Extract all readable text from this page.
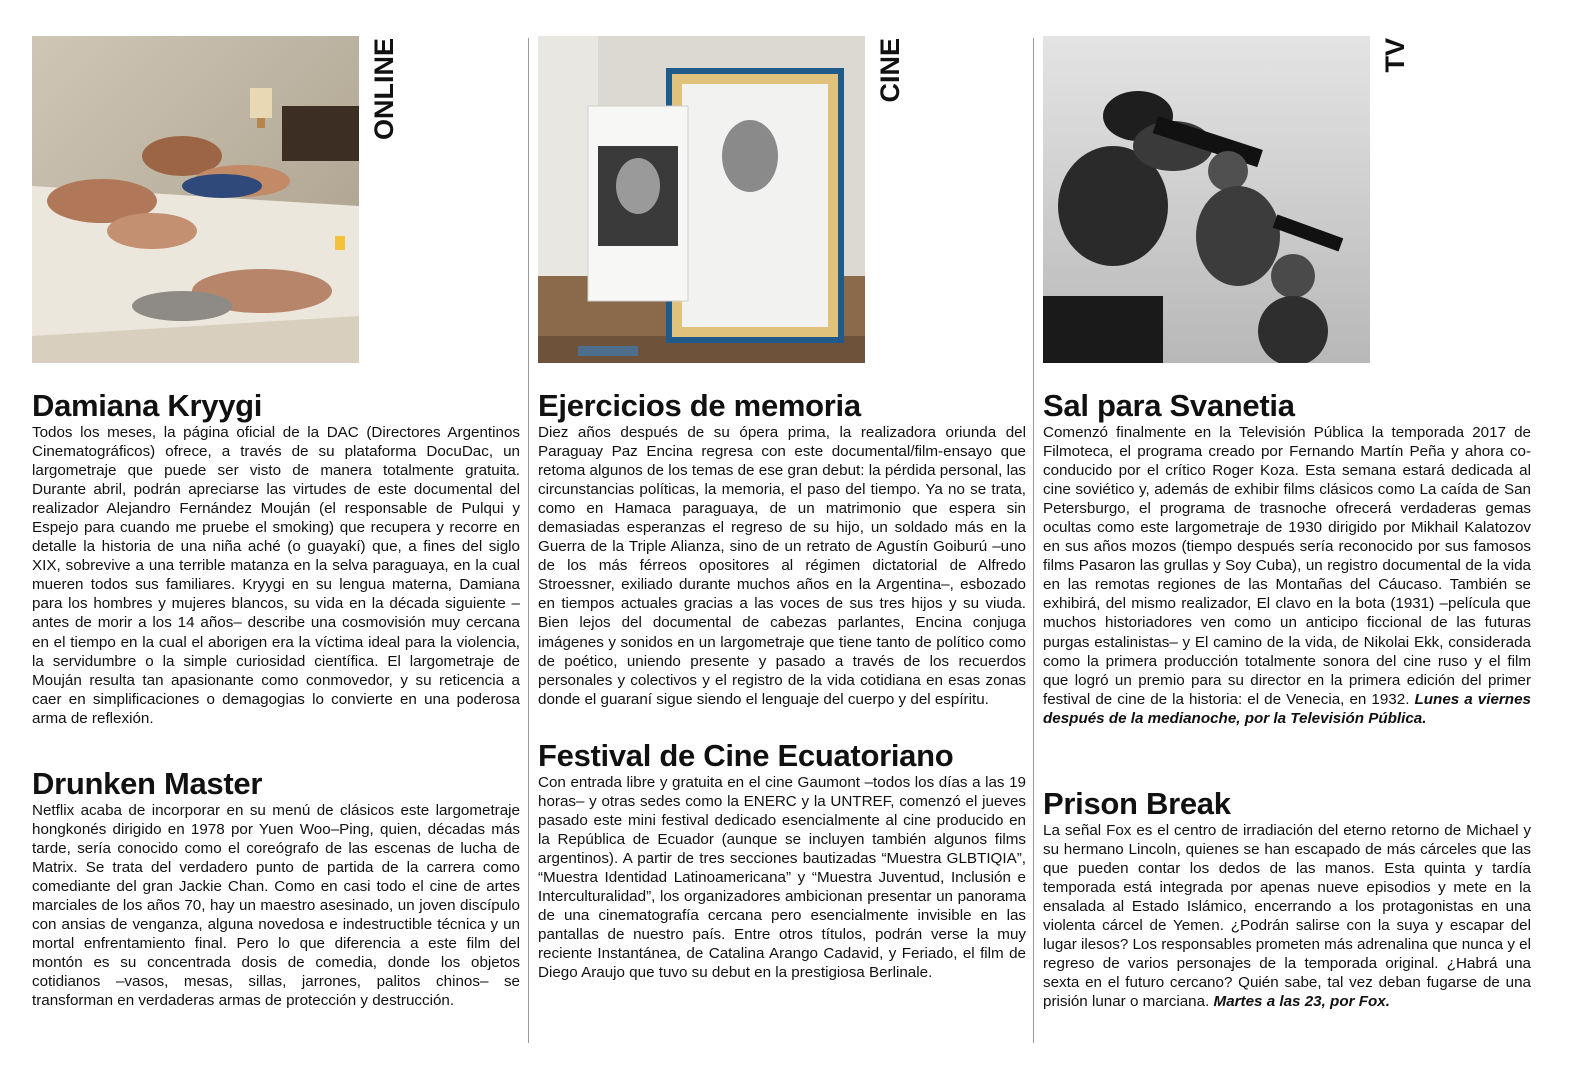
ONLINE
Damiana Kryygi

Todos los meses, la página oficial de la DAC (Directores Argentinos Cinematográficos) ofrece, a través de su plataforma DocuDac, un largometraje que puede ser visto de manera totalmente gratuita. Durante abril, podrán apreciarse las virtudes de este documental del realizador Alejandro Fernández Mouján (el responsable de Pulqui y Espejo para cuando me pruebe el smoking) que recupera y recorre en detalle la historia de una niña aché (o guayakí) que, a fines del siglo XIX, sobrevive a una terrible matanza en la selva paraguaya, en la cual mueren todos sus familiares. Kryygi en su lengua materna, Damiana para los hombres y mujeres blancos, su vida en la década siguiente –antes de morir a los 14 años– describe una cosmovisión muy cercana en el tiempo en la cual el aborigen era la víctima ideal para la violencia, la servidumbre o la simple curiosidad científica. El largometraje de Mouján resulta tan apasionante como conmovedor, y su reticencia a caer en simplificaciones o demagogias lo convierte en una poderosa arma de reflexión.

Drunken Master

Netflix acaba de incorporar en su menú de clásicos este largometraje hongkonés dirigido en 1978 por Yuen Woo–Ping, quien, décadas más tarde, sería conocido como el coreógrafo de las escenas de lucha de Matrix. Se trata del verdadero punto de partida de la carrera como comediante del gran Jackie Chan. Como en casi todo el cine de artes marciales de los años 70, hay un maestro asesinado, un joven discípulo con ansias de venganza, alguna novedosa e indestructible técnica y un mortal enfrentamiento final. Pero lo que diferencia a este film del montón es su concentrada dosis de comedia, donde los objetos cotidianos –vasos, mesas, sillas, jarrones, palitos chinos– se transforman en verdaderas armas de protección y destrucción.

CINE
Ejercicios de memoria

Diez años después de su ópera prima, la realizadora oriunda del Paraguay Paz Encina regresa con este documental/film-ensayo que retoma algunos de los temas de ese gran debut: la pérdida personal, las circunstancias políticas, la memoria, el paso del tiempo. Ya no se trata, como en Hamaca paraguaya, de un matrimonio que espera sin demasiadas esperanzas el regreso de su hijo, un soldado más en la Guerra de la Triple Alianza, sino de un retrato de Agustín Goiburú –uno de los más férreos opositores al régimen dictatorial de Alfredo Stroessner, exiliado durante muchos años en la Argentina–, esbozado en tiempos actuales gracias a las voces de sus tres hijos y su viuda. Bien lejos del documental de cabezas parlantes, Encina conjuga imágenes y sonidos en un largometraje que tiene tanto de político como de poético, uniendo presente y pasado a través de los recuerdos personales y colectivos y el registro de la vida cotidiana en esas zonas donde el guaraní sigue siendo el lenguaje del cuerpo y del espíritu.

Festival de Cine Ecuatoriano

Con entrada libre y gratuita en el cine Gaumont –todos los días a las 19 horas– y otras sedes como la ENERC y la UNTREF, comenzó el jueves pasado este mini festival dedicado esencialmente al cine producido en la República de Ecuador (aunque se incluyen también algunos films argentinos). A partir de tres secciones bautizadas “Muestra GLBTIQIA”, “Muestra Identidad Latinoamericana” y “Muestra Juventud, Inclusión e Interculturalidad”, los organizadores ambicionan presentar un panorama de una cinematografía cercana pero esencialmente invisible en las pantallas de nuestro país. Entre otros títulos, podrán verse la muy reciente Instantánea, de Catalina Arango Cadavid, y Feriado, el film de Diego Araujo que tuvo su debut en la prestigiosa Berlinale.

TV
Sal para Svanetia

Comenzó finalmente en la Televisión Pública la temporada 2017 de Filmoteca, el programa creado por Fernando Martín Peña y ahora co-conducido por el crítico Roger Koza. Esta semana estará dedicada al cine soviético y, además de exhibir films clásicos como La caída de San Petersburgo, el programa de trasnoche ofrecerá verdaderas gemas ocultas como este largometraje de 1930 dirigido por Mikhail Kalatozov en sus años mozos (tiempo después sería reconocido por sus famosos films Pasaron las grullas y Soy Cuba), un registro documental de la vida en las remotas regiones de las Montañas del Cáucaso. También se exhibirá, del mismo realizador, El clavo en la bota (1931) –película que muchos historiadores ven como un anticipo ficcional de las futuras purgas estalinistas– y El camino de la vida, de Nikolai Ekk, considerada como la primera producción totalmente sonora del cine ruso y el film que logró un premio para su director en la primera edición del primer festival de cine de la historia: el de Venecia, en 1932. Lunes a viernes después de la medianoche, por la Televisión Pública.

Prison Break

La señal Fox es el centro de irradiación del eterno retorno de Michael y su hermano Lincoln, quienes se han escapado de más cárceles que las que pueden contar los dedos de las manos. Esta quinta y tardía temporada está integrada por apenas nueve episodios y mete en la ensalada al Estado Islámico, encerrando a los protagonistas en una violenta cárcel de Yemen. ¿Podrán salirse con la suya y escapar del lugar ilesos? Los responsables prometen más adrenalina que nunca y el regreso de varios personajes de la temporada original. ¿Habrá una sexta en el futuro cercano? Quién sabe, tal vez deban fugarse de una prisión lunar o marciana. Martes a las 23, por Fox.
